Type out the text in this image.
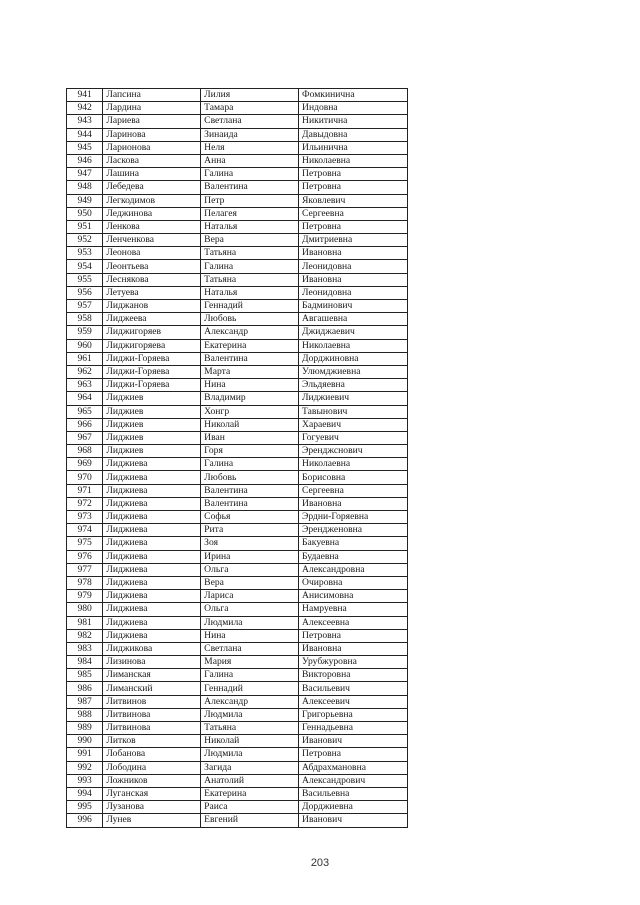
941	Лапсина	Лилия	Фомкинична
942	Лардина	Тамара	Индовна
943	Лариева	Светлана	Никитична
944	Ларинова	Зинаида	Давыдовна
945	Ларионова	Неля	Ильинична
946	Ласкова	Анна	Николаевна
947	Лашина	Галина	Петровна
948	Лебедева	Валентина	Петровна
949	Легкодимов	Петр	Яковлевич
950	Леджинова	Пелагея	Сергеевна
951	Ленкова	Наталья	Петровна
952	Ленченкова	Вера	Дмитриевна
953	Леонова	Татьяна	Ивановна
954	Леонтьева	Галина	Леонидовна
955	Леснякова	Татьяна	Ивановна
956	Летуева	Наталья	Леонидовна
957	Лиджанов	Геннадий	Бадминович
958	Лиджеева	Любовь	Авгашевна
959	Лиджигоряев	Александр	Джиджаевич
960	Лиджигоряева	Екатерина	Николаевна
961	Лиджи-Горяева	Валентина	Дорджиновна
962	Лиджи-Горяева	Марта	Улюмджиевна
963	Лиджи-Горяева	Нина	Эльдяевна
964	Лиджиев	Владимир	Лиджиевич
965	Лиджиев	Хонгр	Тавынович
966	Лиджиев	Николай	Хараевич
967	Лиджиев	Иван	Гогуевич
968	Лиджиев	Горя	Эренджснович
969	Лиджиева	Галина	Николаевна
970	Лиджиева	Любовь	Борисовна
971	Лиджиева	Валентина	Сергеевна
972	Лиджиева	Валентина	Ивановна
973	Лиджиева	Софья	Эрдни-Горяевна
974	Лиджиева	Рита	Эрендженовна
975	Лиджиева	Зоя	Бакуевна
976	Лиджиева	Ирина	Будаевна
977	Лиджиева	Ольга	Александровна
978	Лиджиева	Вера	Очировна
979	Лиджиева	Лариса	Анисимовна
980	Лиджиева	Ольга	Намруевна
981	Лиджиева	Людмила	Алексеевна
982	Лиджиева	Нина	Петровна
983	Лиджикова	Светлана	Ивановна
984	Лизинова	Мария	Урубжуровна
985	Лиманская	Галина	Викторовна
986	Лиманский	Геннадий	Васильевич
987	Литвинов	Александр	Алексеевич
988	Литвинова	Людмила	Григорьевна
989	Литвинова	Татьяна	Геннадьевна
990	Литков	Николай	Иванович
991	Лобанова	Людмила	Петровна
992	Лободина	Загида	Абдрахмановна
993	Ложников	Анатолий	Александрович
994	Луганская	Екатерина	Васильевна
995	Лузанова	Раиса	Дорджиевна
996	Лунев	Евгений	Иванович
203
